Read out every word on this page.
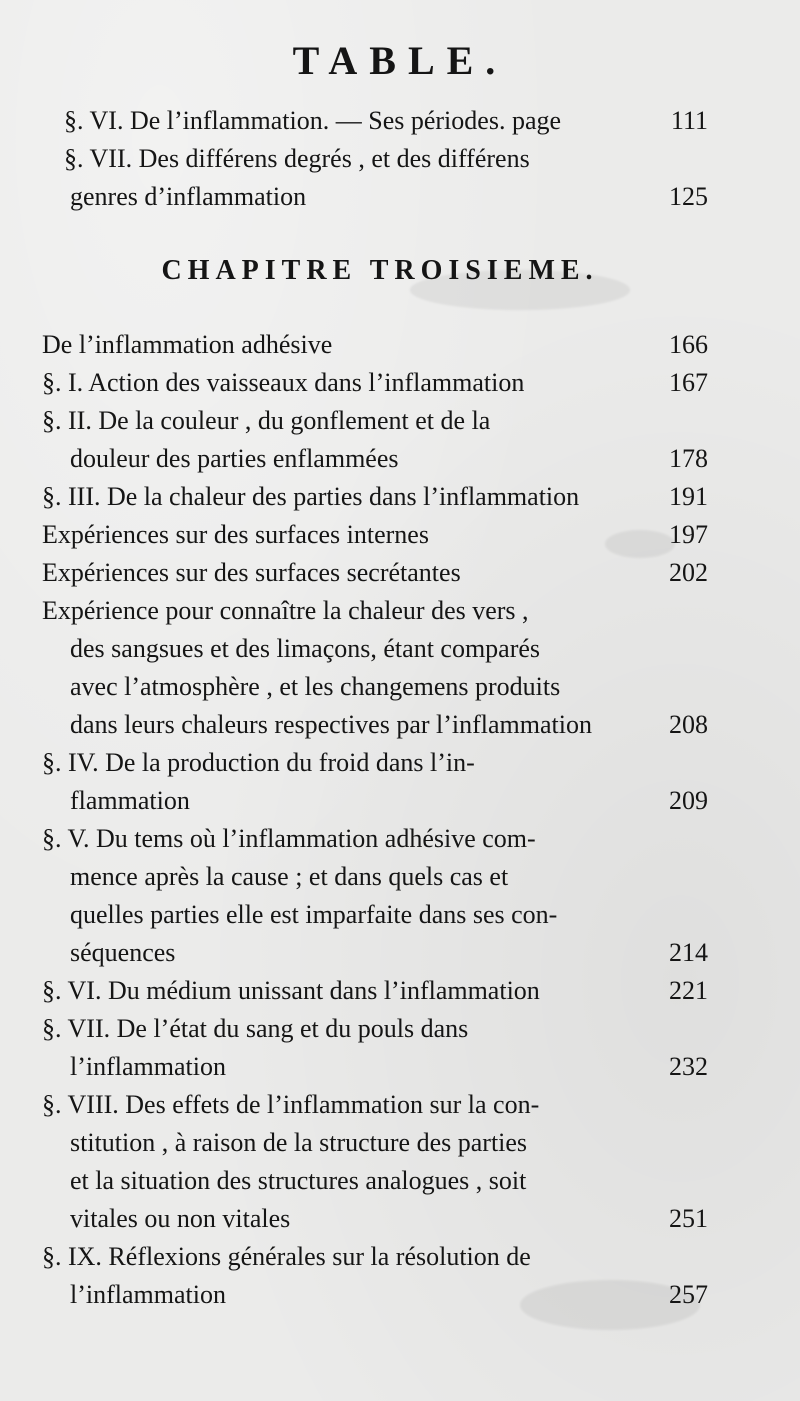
TABLE.
§. VI. De l’inflammation. — Ses périodes. page	111
§. VII. Des différens degrés , et des différens
genres d’inflammation	125
CHAPITRE TROISIEME.
De l’inflammation adhésive	166
§. I. Action des vaisseaux dans l’inflammation	167
§. II. De la couleur , du gonflement et de la
douleur des parties enflammées	178
§. III. De la chaleur des parties dans l’inflammation	191
Expériences sur des surfaces internes	197
Expériences sur des surfaces secrétantes	202
Expérience pour connaître la chaleur des vers ,
des sangsues et des limaçons, étant comparés
avec l’atmosphère , et les changemens produits
dans leurs chaleurs respectives par l’inflammation	208
§. IV. De la production du froid dans l’in-
flammation	209
§. V. Du tems où l’inflammation adhésive com-
mence après la cause ; et dans quels cas et
quelles parties elle est imparfaite dans ses con-
séquences	214
§. VI. Du médium unissant dans l’inflammation	221
§. VII. De l’état du sang et du pouls dans
l’inflammation	232
§. VIII. Des effets de l’inflammation sur la con-
stitution , à raison de la structure des parties
et la situation des structures analogues , soit
vitales ou non vitales	251
§. IX. Réflexions générales sur la résolution de
l’inflammation	257
